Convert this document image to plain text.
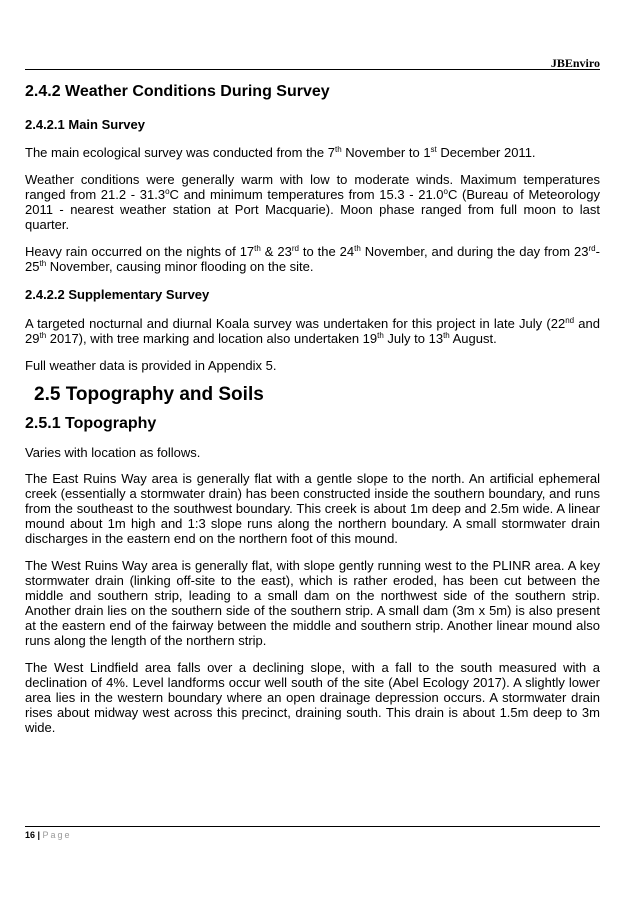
JBEnviro
2.4.2 Weather Conditions During Survey
2.4.2.1 Main Survey

The main ecological survey was conducted from the 7th November to 1st December 2011.

Weather conditions were generally warm with low to moderate winds. Maximum temperatures ranged from 21.2 - 31.3$^o$C and minimum temperatures from 15.3 - 21.0$^o$C (Bureau of Meteorology 2011 - nearest weather station at Port Macquarie). Moon phase ranged from full moon to last quarter.

Heavy rain occurred on the nights of 17th & 23rd to the 24th November, and during the day from 23rd-25th November, causing minor flooding on the site.

2.4.2.2 Supplementary Survey

A targeted nocturnal and diurnal Koala survey was undertaken for this project in late July (22nd and 29th 2017), with tree marking and location also undertaken 19th July to 13th August.

Full weather data is provided in Appendix 5.

2.5 Topography and Soils
2.5.1 Topography

Varies with location as follows.

The East Ruins Way area is generally flat with a gentle slope to the north. An artificial ephemeral creek (essentially a stormwater drain) has been constructed inside the southern boundary, and runs from the southeast to the southwest boundary. This creek is about 1m deep and 2.5m wide. A linear mound about 1m high and 1:3 slope runs along the northern boundary. A small stormwater drain discharges in the eastern end on the northern foot of this mound.

The West Ruins Way area is generally flat, with slope gently running west to the PLINR area. A key stormwater drain (linking off-site to the east), which is rather eroded, has been cut between the middle and southern strip, leading to a small dam on the northwest side of the southern strip. Another drain lies on the southern side of the southern strip. A small dam (3m x 5m) is also present at the eastern end of the fairway between the middle and southern strip. Another linear mound also runs along the length of the northern strip.

The West Lindfield area falls over a declining slope, with a fall to the south measured with a declination of 4%. Level landforms occur well south of the site (Abel Ecology 2017). A slightly lower area lies in the western boundary where an open drainage depression occurs. A stormwater drain rises about midway west across this precinct, draining south. This drain is about 1.5m deep to 3m wide.

16 | Page
